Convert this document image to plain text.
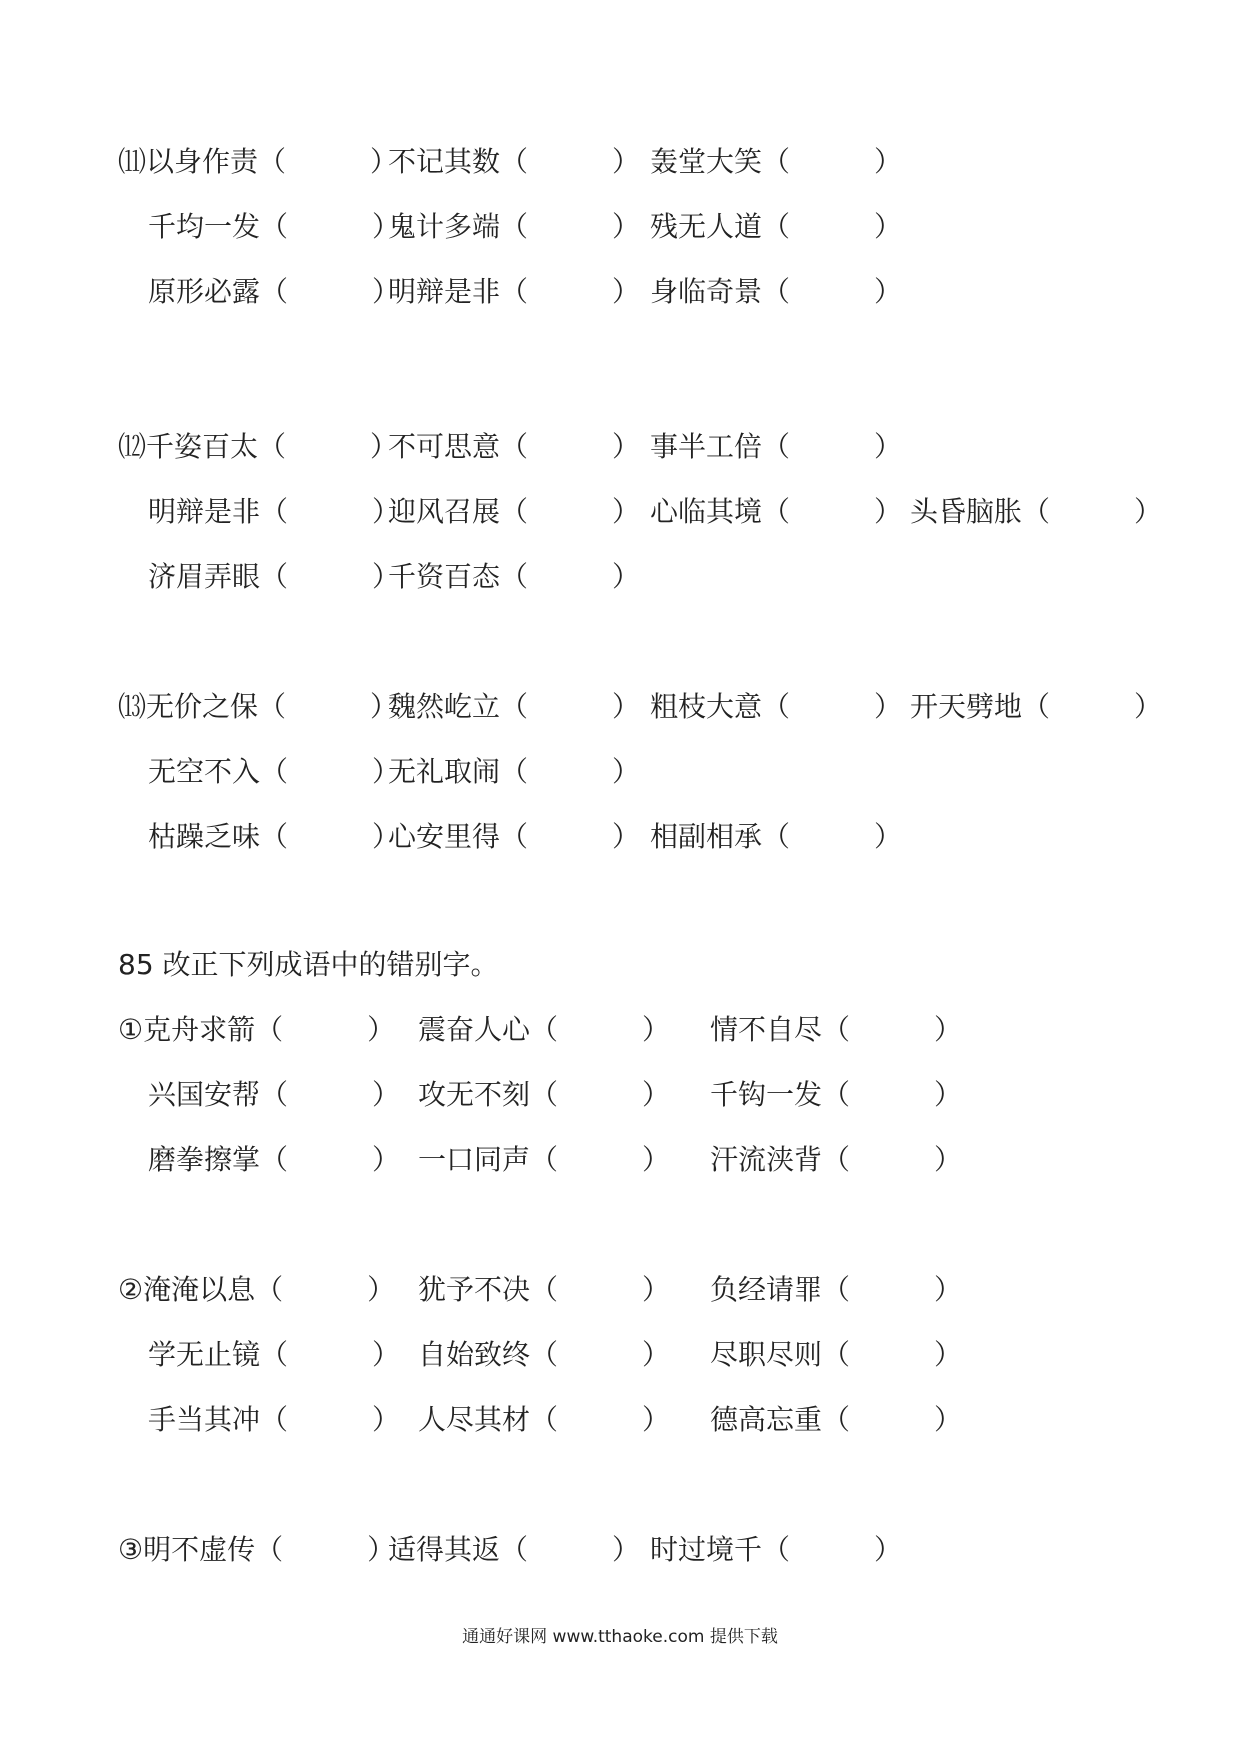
⑾以身作责（　　　）
不记其数（　　　） 轰堂大笑（　　　）
千均一发（　　　）
鬼计多端（　　　） 残无人道（　　　）
原形必露（　　　）
明辩是非（　　　） 身临奇景（　　　）
⑿千姿百太（　　　）
不可思意（　　　） 事半工倍（　　　）
明辩是非（　　　）
迎风召展（　　　） 心临其境（　　　） 头昏脑胀（　　　）
济眉弄眼（　　　）
千资百态（　　　）
⒀无价之保（　　　）
魏然屹立（　　　） 粗枝大意（　　　） 开天劈地（　　　）
无空不入（　　　）
无礼取闹（　　　）
枯躁乏味（　　　）
心安里得（　　　） 相副相承（　　　）
85 改正下列成语中的错别字。
①克舟求箭（　　　） 震奋人心（　　　） 情不自尽（　　　）
兴国安帮（　　　） 攻无不刻（　　　） 千钩一发（　　　）
磨拳擦掌（　　　） 一口同声（　　　） 汗流浃背（　　　）
②淹淹以息（　　　） 犹予不决（　　　） 负经请罪（　　　）
学无止镜（　　　） 自始致终（　　　） 尽职尽则（　　　）
手当其冲（　　　） 人尽其材（　　　） 德高忘重（　　　）
③明不虚传（　　　）
适得其返（　　　） 时过境千（　　　）
通通好课网 www.tthaoke.com 提供下载
